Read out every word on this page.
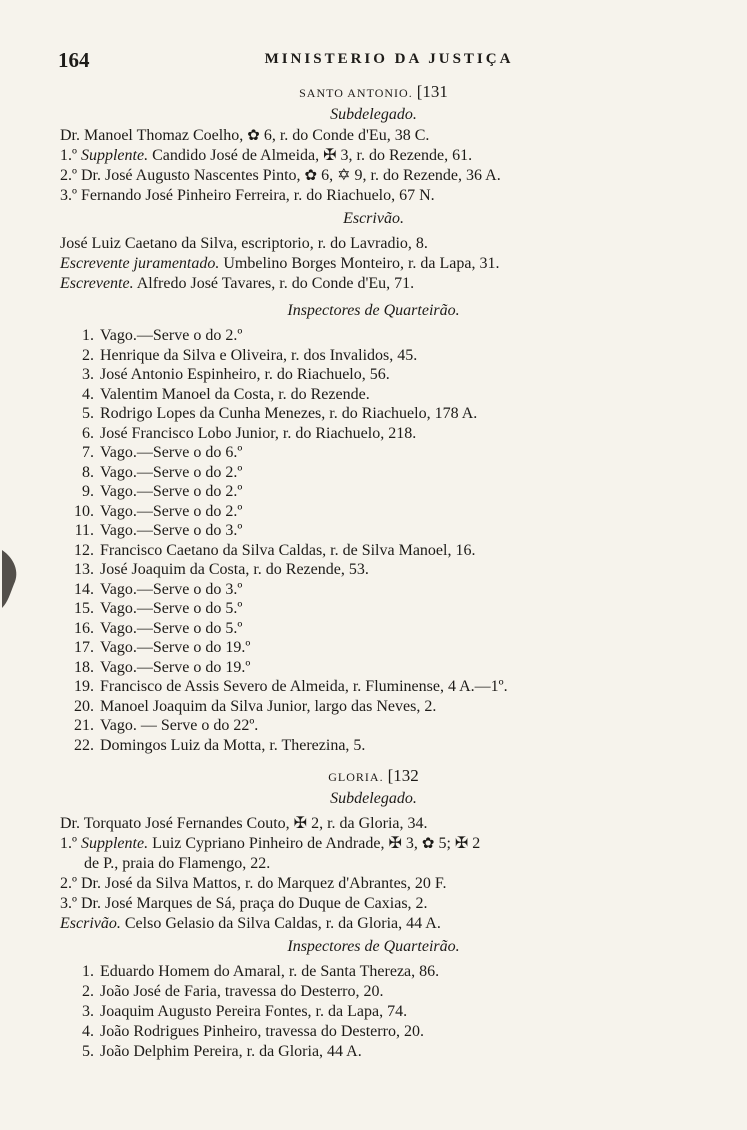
164	MINISTERIO DA JUSTIÇA
SANTO ANTONIO. [131
Subdelegado.
Dr. Manoel Thomaz Coelho, ✿ 6, r. do Conde d'Eu, 38 C.
1.º Supplente. Candido José de Almeida, ✠ 3, r. do Rezende, 61.
2.º Dr. José Augusto Nascentes Pinto, ✿ 6, ✡ 9, r. do Rezende, 36 A.
3.º Fernando José Pinheiro Ferreira, r. do Riachuelo, 67 N.
Escrivão.
José Luiz Caetano da Silva, escriptorio, r. do Lavradio, 8.
Escrevente juramentado. Umbelino Borges Monteiro, r. da Lapa, 31.
Escrevente. Alfredo José Tavares, r. do Conde d'Eu, 71.
Inspectores de Quarteirão.
1. Vago.—Serve o do 2.º
2. Henrique da Silva e Oliveira, r. dos Invalidos, 45.
3. José Antonio Espinheiro, r. do Riachuelo, 56.
4. Valentim Manoel da Costa, r. do Rezende.
5. Rodrigo Lopes da Cunha Menezes, r. do Riachuelo, 178 A.
6. José Francisco Lobo Junior, r. do Riachuelo, 218.
7. Vago.—Serve o do 6.º
8. Vago.—Serve o do 2.º
9. Vago.—Serve o do 2.º
10. Vago.—Serve o do 2.º
11. Vago.—Serve o do 3.º
12. Francisco Caetano da Silva Caldas, r. de Silva Manoel, 16.
13. José Joaquim da Costa, r. do Rezende, 53.
14. Vago.—Serve o do 3.º
15. Vago.—Serve o do 5.º
16. Vago.—Serve o do 5.º
17. Vago.—Serve o do 19.º
18. Vago.—Serve o do 19.º
19. Francisco de Assis Severo de Almeida, r. Fluminense, 4 A.—1º.
20. Manoel Joaquim da Silva Junior, largo das Neves, 2.
21. Vago. — Serve o do 22º.
22. Domingos Luiz da Motta, r. Therezina, 5.
GLORIA. [132
Subdelegado.
Dr. Torquato José Fernandes Couto, ✠ 2, r. da Gloria, 34.
1.º Supplente. Luiz Cypriano Pinheiro de Andrade, ✠ 3, ✿ 5; ✠ 2
de P., praia do Flamengo, 22.
2.º Dr. José da Silva Mattos, r. do Marquez d'Abrantes, 20 F.
3.º Dr. José Marques de Sá, praça do Duque de Caxias, 2.
Escrivão. Celso Gelasio da Silva Caldas, r. da Gloria, 44 A.
Inspectores de Quarteirão.
1. Eduardo Homem do Amaral, r. de Santa Thereza, 86.
2. João José de Faria, travessa do Desterro, 20.
3. Joaquim Augusto Pereira Fontes, r. da Lapa, 74.
4. João Rodrigues Pinheiro, travessa do Desterro, 20.
5. João Delphim Pereira, r. da Gloria, 44 A.
